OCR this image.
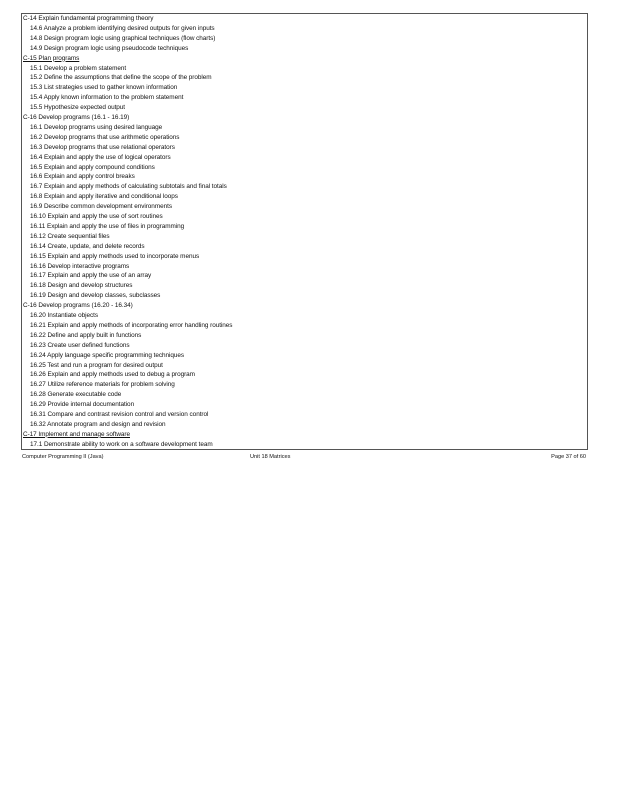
C-14 Explain fundamental programming theory
14.6 Analyze a problem identifying desired outputs for given inputs
14.8 Design program logic using graphical techniques (flow charts)
14.9 Design program logic using pseudocode techniques
C-15 Plan programs
15.1 Develop a problem statement
15.2 Define the assumptions that define the scope of the problem
15.3 List strategies used to gather known information
15.4 Apply known information to the problem statement
15.5 Hypothesize expected output
C-16 Develop programs (16.1 - 16.19)
16.1 Develop programs using desired language
16.2 Develop programs that use arithmetic operations
16.3 Develop programs that use relational operators
16.4 Explain and apply the use of logical operators
16.5 Explain and apply compound conditions
16.6 Explain and apply control breaks
16.7 Explain and apply methods of calculating subtotals and final totals
16.8 Explain and apply iterative and conditional loops
16.9 Describe common development environments
16.10 Explain and apply the use of sort routines
16.11 Explain and apply the use of files in programming
16.12 Create sequential files
16.14 Create, update, and delete records
16.15 Explain and apply methods used to incorporate menus
16.16 Develop interactive programs
16.17 Explain and apply the use of an array
16.18 Design and develop structures
16.19 Design and develop classes, subclasses
C-16 Develop programs (16.20 - 16.34)
16.20 Instantiate objects
16.21 Explain and apply methods of incorporating error handling routines
16.22 Define and apply built in functions
16.23 Create user defined functions
16.24 Apply language specific programming techniques
16.25 Test and run a program for desired output
16.26 Explain and apply methods used to debug a program
16.27 Utilize reference materials for problem solving
16.28 Generate executable code
16.29 Provide internal documentation
16.31 Compare and contrast revision control and version control
16.32 Annotate program and design and revision
C-17 Implement and manage software
17.1 Demonstrate ability to work on a software development team
Computer Programming II (Java)	Unit 18 Matrices	Page 37 of 60
